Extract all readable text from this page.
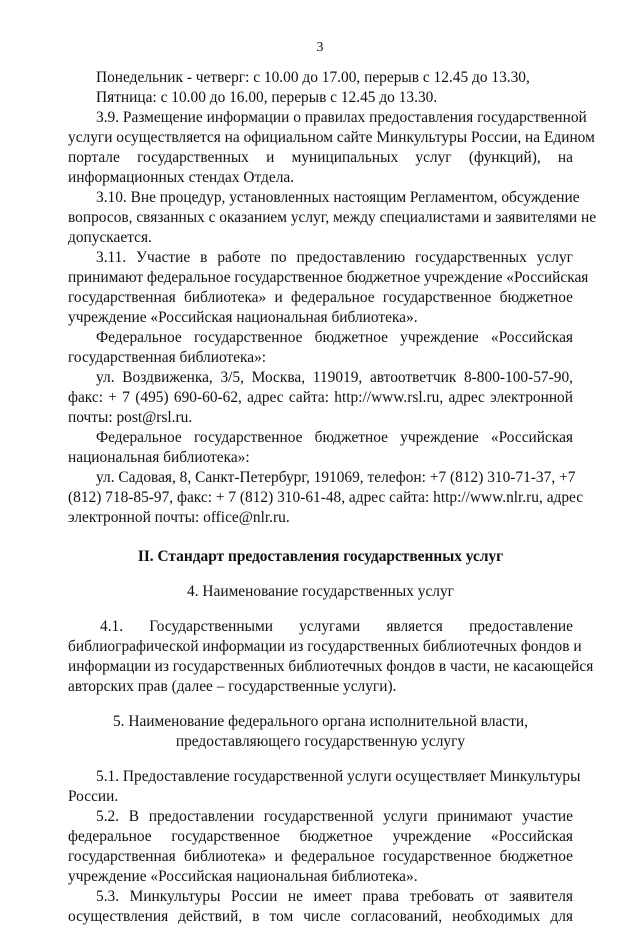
3
Понедельник - четверг: с 10.00 до 17.00, перерыв с 12.45 до 13.30,
Пятница: с 10.00 до 16.00, перерыв с 12.45 до 13.30.
3.9. Размещение информации о правилах предоставления государственной
услуги осуществляется на официальном сайте Минкультуры России, на Едином
портале государственных и муниципальных услуг (функций), на
информационных стендах Отдела.
3.10. Вне процедур, установленных настоящим Регламентом, обсуждение
вопросов, связанных с оказанием услуг, между специалистами и заявителями не
допускается.
3.11. Участие в работе по предоставлению государственных услуг
принимают федеральное государственное бюджетное учреждение «Российская
государственная библиотека» и федеральное государственное бюджетное
учреждение «Российская национальная библиотека».
Федеральное государственное бюджетное учреждение «Российская
государственная библиотека»:
ул. Воздвиженка, 3/5, Москва, 119019, автоответчик 8-800-100-57-90,
факс: + 7 (495) 690-60-62, адрес сайта: http://www.rsl.ru, адрес электронной
почты: post@rsl.ru.
Федеральное государственное бюджетное учреждение «Российская
национальная библиотека»:
ул. Садовая, 8, Санкт-Петербург, 191069, телефон: +7 (812) 310-71-37, +7
(812) 718-85-97, факс: + 7 (812) 310-61-48, адрес сайта: http://www.nlr.ru, адрес
электронной почты: office@nlr.ru.
II. Стандарт предоставления государственных услуг
4. Наименование государственных услуг
4.1. Государственными услугами является предоставление
библиографической информации из государственных библиотечных фондов и
информации из государственных библиотечных фондов в части, не касающейся
авторских прав (далее – государственные услуги).
5. Наименование федерального органа исполнительной власти,
предоставляющего государственную услугу
5.1. Предоставление государственной услуги осуществляет Минкультуры
России.
5.2. В предоставлении государственной услуги принимают участие
федеральное государственное бюджетное учреждение «Российская
государственная библиотека» и федеральное государственное бюджетное
учреждение «Российская национальная библиотека».
5.3. Минкультуры России не имеет права требовать от заявителя
осуществления действий, в том числе согласований, необходимых для
